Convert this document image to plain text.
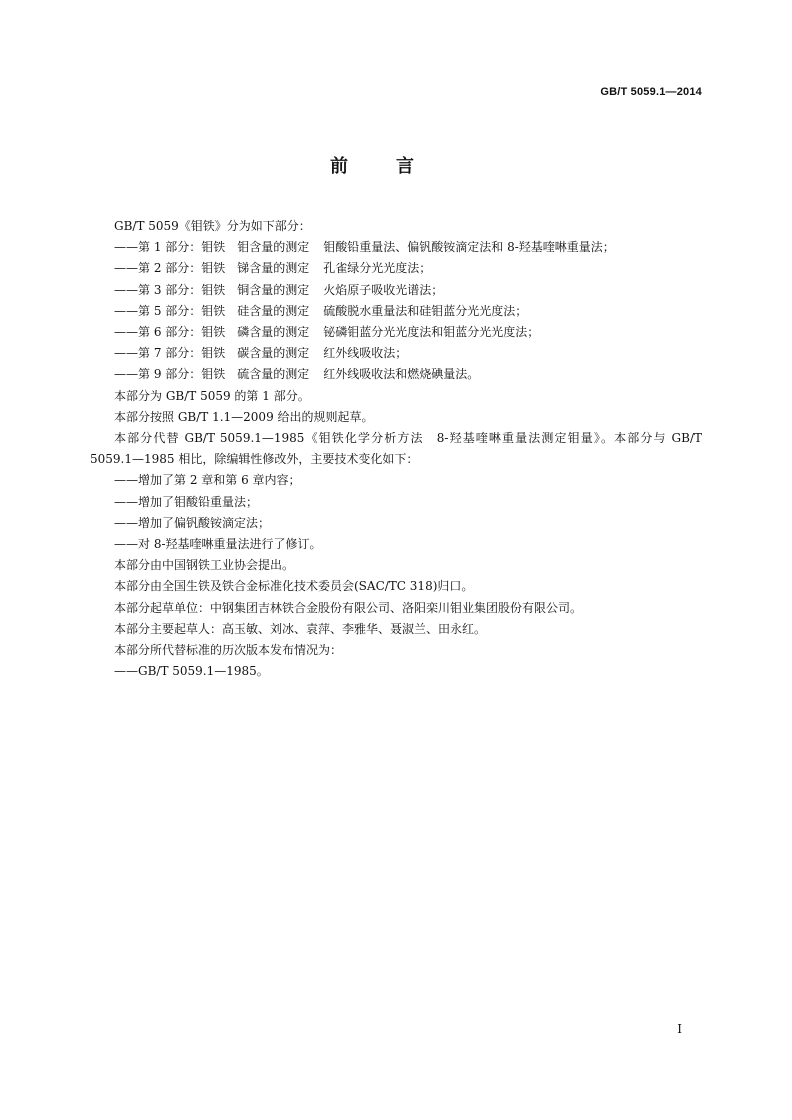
GB/T 5059.1—2014
前言
GB/T 5059《钼铁》分为如下部分：
——第 1 部分：钼铁　钼含量的测定 钼酸铅重量法、偏钒酸铵滴定法和 8-羟基喹啉重量法；
——第 2 部分：钼铁　锑含量的测定 孔雀绿分光光度法；
——第 3 部分：钼铁　铜含量的测定 火焰原子吸收光谱法；
——第 5 部分：钼铁　硅含量的测定 硫酸脱水重量法和硅钼蓝分光光度法；
——第 6 部分：钼铁　磷含量的测定 铋磷钼蓝分光光度法和钼蓝分光光度法；
——第 7 部分：钼铁　碳含量的测定 红外线吸收法；
——第 9 部分：钼铁　硫含量的测定 红外线吸收法和燃烧碘量法。
本部分为 GB/T 5059 的第 1 部分。
本部分按照 GB/T 1.1—2009 给出的规则起草。
本部分代替 GB/T 5059.1—1985《钼铁化学分析方法　8-羟基喹啉重量法测定钼量》。本部分与 GB/T 5059.1—1985 相比，除编辑性修改外，主要技术变化如下：
——增加了第 2 章和第 6 章内容；
——增加了钼酸铅重量法；
——增加了偏钒酸铵滴定法；
——对 8-羟基喹啉重量法进行了修订。
本部分由中国钢铁工业协会提出。
本部分由全国生铁及铁合金标准化技术委员会(SAC/TC 318)归口。
本部分起草单位：中钢集团吉林铁合金股份有限公司、洛阳栾川钼业集团股份有限公司。
本部分主要起草人：高玉敏、刘冰、袁萍、李雅华、聂淑兰、田永红。
本部分所代替标准的历次版本发布情况为：
——GB/T 5059.1—1985。
I
